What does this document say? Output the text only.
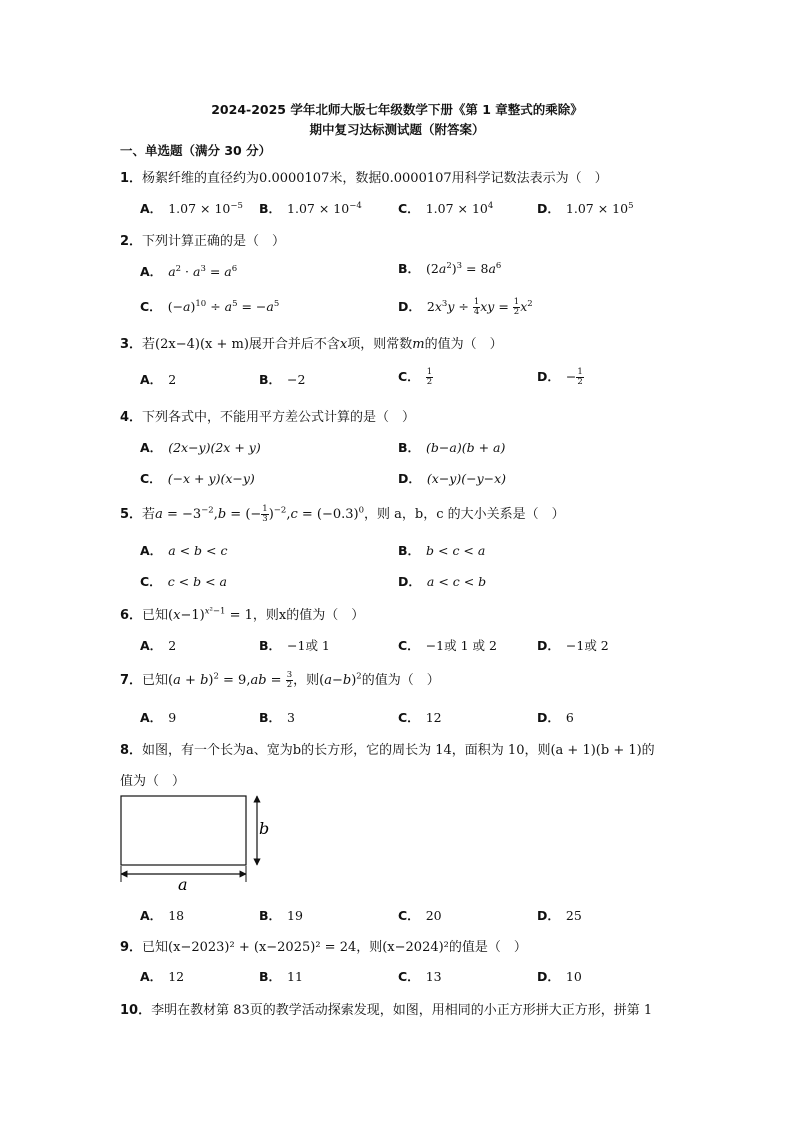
2024-2025 学年北师大版七年级数学下册《第 1 章整式的乘除》
期中复习达标测试题（附答案）
一、单选题（满分 30 分）
1．杨絮纤维的直径约为0.0000107米，数据0.0000107用科学记数法表示为（　）
A． $1.07 \times 10^{-5}$ B． $1.07 \times 10^{-4}$	C． $1.07 \times 10^4$	D． $1.07 \times 10^5$
2．下列计算正确的是（　）
A． $a^2 \cdot a^3 = a^6$	B． $(2a^2)^3 = 8a^6$
C． $(-a)^{10} \div a^5 = -a^5$	D． $2x^3y \div \frac{1}{4}$ xy = $\frac{1}{2} x^2$
3．若(2x−4)(x + m)展开合并后不含x项，则常数m的值为（　）
A． 2	B． −2	C． $\frac{1}{2}$	D． − $\frac{1}{2}$
4．下列各式中，不能用平方差公式计算的是（　）
A． (2x−y)(2x + y)	B． (b−a)(b + a)
C． (−x + y)(x−y)	D． (x−y)(−y−x)
5．若$a = -3^{-2},b$ = (− $\frac{1}{3} )^{-2},c = (-0.3)^0$，则 a，b，c 的大小关系是（　）
A． a < b < c	B． b < c < a
C． c < b < a	D． a < c < b
6．已知$(x-1)^{x^2-1} = 1$，则x的值为（　）
A． 2	B． −1或 1	C． −1或 1 或 2	D． −1或 2
7．已知$(a + b)^2 = 9,ab = \frac{3}{2}$ ，则$(a-b)^2$的值为（　）
A． 9	B． 3	C． 12	D． 6
8．如图，有一个长为a、宽为b的长方形，它的周长为 14，面积为 10，则(a + 1)(b + 1)的
值为（　）
b
a
A． 18	B． 19	C． 20	D． 25
9．已知(x−2023)² + (x−2025)² = 24，则(x−2024)²的值是（　）
A． 12	B． 11	C． 13	D． 10
10．李明在教材第 83页的教学活动探索发现，如图，用相同的小正方形拼大正方形，拼第 1
